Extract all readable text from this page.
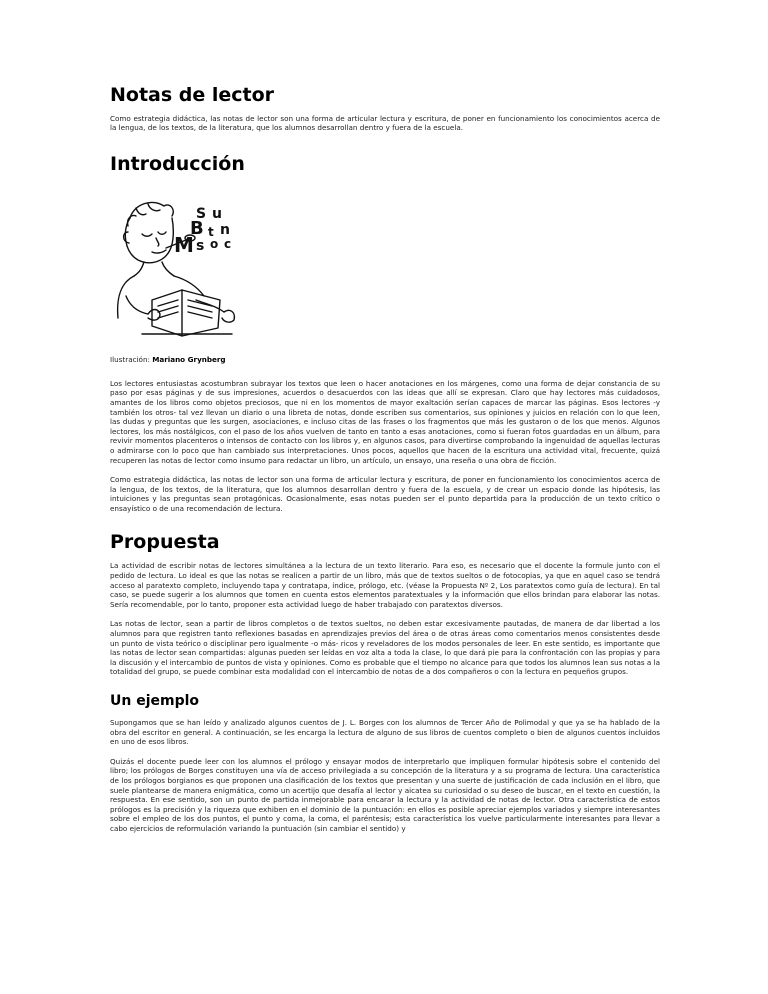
Notas de lector

Como estrategia didáctica, las notas de lector son una forma de articular lectura y escritura, de poner en funcionamiento los conocimientos acerca de la lengua, de los textos, de la literatura, que los alumnos desarrollan dentro y fuera de la escuela.

Introducción
S u
B t n
M s o c
Ilustración: Mariano Grynberg

Los lectores entusiastas acostumbran subrayar los textos que leen o hacer anotaciones en los márgenes, como una forma de dejar constancia de su paso por esas páginas y de sus impresiones, acuerdos o desacuerdos con las ideas que allí se expresan. Claro que hay lectores más cuidadosos, amantes de los libros como objetos preciosos, que ni en los momentos de mayor exaltación serían capaces de marcar las páginas. Esos lectores -y también los otros- tal vez llevan un diario o una libreta de notas, donde escriben sus comentarios, sus opiniones y juicios en relación con lo que leen, las dudas y preguntas que les surgen, asociaciones, e incluso citas de las frases o los fragmentos que más les gustaron o de los que menos. Algunos lectores, los más nostálgicos, con el paso de los años vuelven de tanto en tanto a esas anotaciones, como si fueran fotos guardadas en un álbum, para revivir momentos placenteros o intensos de contacto con los libros y, en algunos casos, para divertirse comprobando la ingenuidad de aquellas lecturas o admirarse con lo poco que han cambiado sus interpretaciones. Unos pocos, aquellos que hacen de la escritura una actividad vital, frecuente, quizá recuperen las notas de lector como insumo para redactar un libro, un artículo, un ensayo, una reseña o una obra de ficción.

Como estrategia didáctica, las notas de lector son una forma de articular lectura y escritura, de poner en funcionamiento los conocimientos acerca de la lengua, de los textos, de la literatura, que los alumnos desarrollan dentro y fuera de la escuela, y de crear un espacio donde las hipótesis, las intuiciones y las preguntas sean protagónicas. Ocasionalmente, esas notas pueden ser el punto departida para la producción de un texto crítico o ensayístico o de una recomendación de lectura.

Propuesta

La actividad de escribir notas de lectores simultánea a la lectura de un texto literario. Para eso, es necesario que el docente la formule junto con el pedido de lectura. Lo ideal es que las notas se realicen a partir de un libro, más que de textos sueltos o de fotocopias, ya que en aquel caso se tendrá acceso al paratexto completo, incluyendo tapa y contratapa, índice, prólogo, etc. (véase la Propuesta Nº 2, Los paratextos como guía de lectura). En tal caso, se puede sugerir a los alumnos que tomen en cuenta estos elementos paratextuales y la información que ellos brindan para elaborar las notas. Sería recomendable, por lo tanto, proponer esta actividad luego de haber trabajado con paratextos diversos.

Las notas de lector, sean a partir de libros completos o de textos sueltos, no deben estar excesivamente pautadas, de manera de dar libertad a los alumnos para que registren tanto reflexiones basadas en aprendizajes previos del área o de otras áreas como comentarios menos consistentes desde un punto de vista teórico o disciplinar pero igualmente -o más- ricos y reveladores de los modos personales de leer. En este sentido, es importante que las notas de lector sean compartidas: algunas pueden ser leídas en voz alta a toda la clase, lo que dará pie para la confrontación con las propias y para la discusión y el intercambio de puntos de vista y opiniones. Como es probable que el tiempo no alcance para que todos los alumnos lean sus notas a la totalidad del grupo, se puede combinar esta modalidad con el intercambio de notas de a dos compañeros o con la lectura en pequeños grupos.

Un ejemplo

Supongamos que se han leído y analizado algunos cuentos de J. L. Borges con los alumnos de Tercer Año de Polimodal y que ya se ha hablado de la obra del escritor en general. A continuación, se les encarga la lectura de alguno de sus libros de cuentos completo o bien de algunos cuentos incluidos en uno de esos libros.

Quizás el docente puede leer con los alumnos el prólogo y ensayar modos de interpretarlo que impliquen formular hipótesis sobre el contenido del libro; los prólogos de Borges constituyen una vía de acceso privilegiada a su concepción de la literatura y a su programa de lectura. Una característica de los prólogos borgianos es que proponen una clasificación de los textos que presentan y una suerte de justificación de cada inclusión en el libro, que suele plantearse de manera enigmática, como un acertijo que desafía al lector y aicatea su curiosidad o su deseo de buscar, en el texto en cuestión, la respuesta. En ese sentido, son un punto de partida inmejorable para encarar la lectura y la actividad de notas de lector. Otra característica de estos prólogos es la precisión y la riqueza que exhiben en el dominio de la puntuación: en ellos es posible apreciar ejemplos variados y siempre interesantes sobre el empleo de los dos puntos, el punto y coma, la coma, el paréntesis; esta característica los vuelve particularmente interesantes para llevar a cabo ejercicios de reformulación variando la puntuación (sin cambiar el sentido) y
